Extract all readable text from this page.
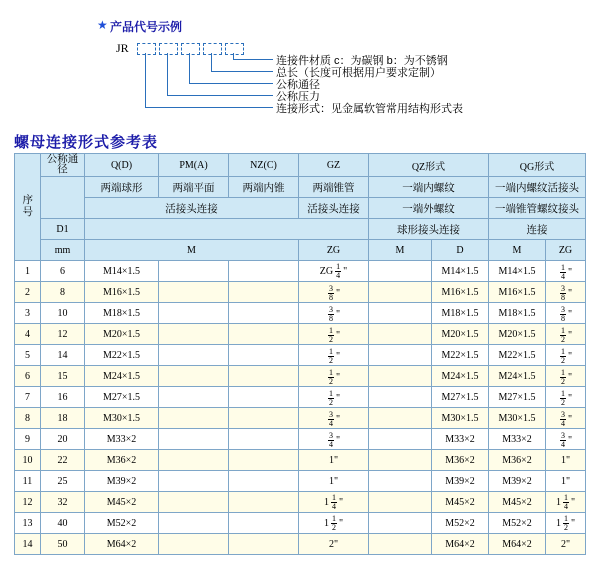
★ 产品代号示例
JR
连接件材质 c：为碳钢 b：为不锈钢
总长（长度可根据用户要求定制）
公称通径
公称压力
连接形式：见金属软管常用结构形式表
螺母连接形式参考表
序号	公称通径	Q(D)	PM(A)	NZ(C)	GZ	QZ形式		QG形式	
		两端球形	两端平面	两端内锥	两端锥管	一端内螺纹		一端内螺纹活接头	
		活接头连接			活接头连接	一端外螺纹		一端锥管螺纹接头	
	D1					球形接头连接		连接	
	mm	M			ZG	M	D	M	ZG
1	6	M14×1.5			ZG $\frac{1}{4}$ "		M14×1.5	M14×1.5	$\frac{1}{4}$ "

2	8	M16×1.5			$\frac{3}{8}$ "		M16×1.5	M16×1.5	$\frac{3}{8}$ "

3	10	M18×1.5			$\frac{3}{8}$ "		M18×1.5	M18×1.5	$\frac{3}{8}$ "

4	12	M20×1.5			$\frac{1}{2}$ "		M20×1.5	M20×1.5	$\frac{1}{2}$ "

5	14	M22×1.5			$\frac{1}{2}$ "		M22×1.5	M22×1.5	$\frac{1}{2}$ "

6	15	M24×1.5			$\frac{1}{2}$ "		M24×1.5	M24×1.5	$\frac{1}{2}$ "

7	16	M27×1.5			$\frac{1}{2}$ "		M27×1.5	M27×1.5	$\frac{1}{2}$ "

8	18	M30×1.5			$\frac{3}{4}$ "		M30×1.5	M30×1.5	$\frac{3}{4}$ "

9	20	M33×2			$\frac{3}{4}$ "		M33×2	M33×2	$\frac{3}{4}$ "

10	22	M36×2			1"		M36×2	M36×2	1"
11	25	M39×2			1"		M39×2	M39×2	1"
12	32	M45×2			$1 \frac{1}{4}$ "		M45×2	M45×2	$1 \frac{1}{4}$ "

13	40	M52×2			$1 \frac{1}{2}$ "		M52×2	M52×2	$1 \frac{1}{2}$ "

14	50	M64×2			2"		M64×2	M64×2	2"
